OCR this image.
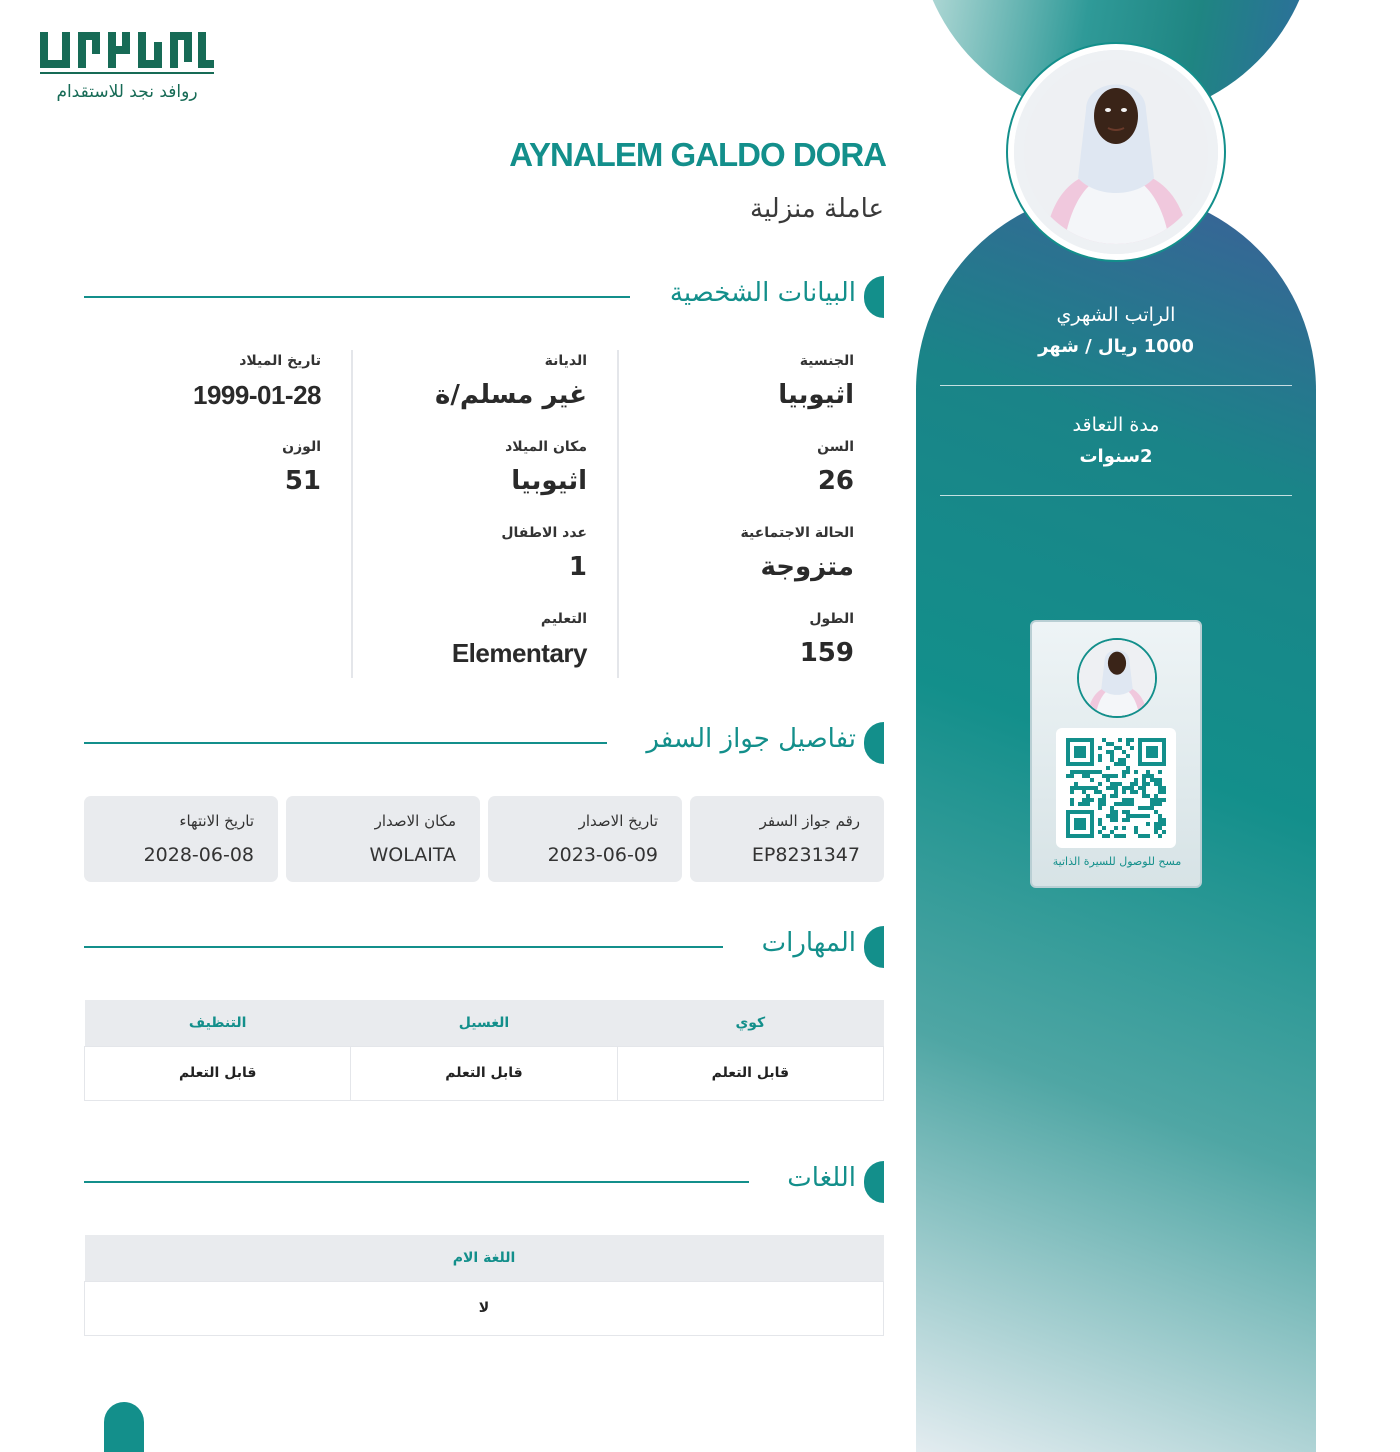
روافد نجد للاستقدام
الراتب الشهري
1000 ريال / شهر
مدة التعاقد
2سنوات
مسح للوصول للسيرة الذاتية
AYNALEM GALDO DORA
عاملة منزلية
البيانات الشخصية
الجنسية
اثيوبيا
السن
26
الحالة الاجتماعية
متزوجة
الطول
159
الديانة
غير مسلم/ة
مكان الميلاد
اثيوبيا
عدد الاطفال
1
التعليم
Elementary
تاريخ الميلاد
1999-01-28
الوزن
51
تفاصيل جواز السفر
رقم جواز السفر
EP8231347
تاريخ الاصدار
2023-06-09
مكان الاصدار
WOLAITA
تاريخ الانتهاء
2028-06-08
المهارات
التنظيف	الغسيل	كوي
قابل التعلم	قابل التعلم	قابل التعلم
اللغات
اللغة الام
لا
